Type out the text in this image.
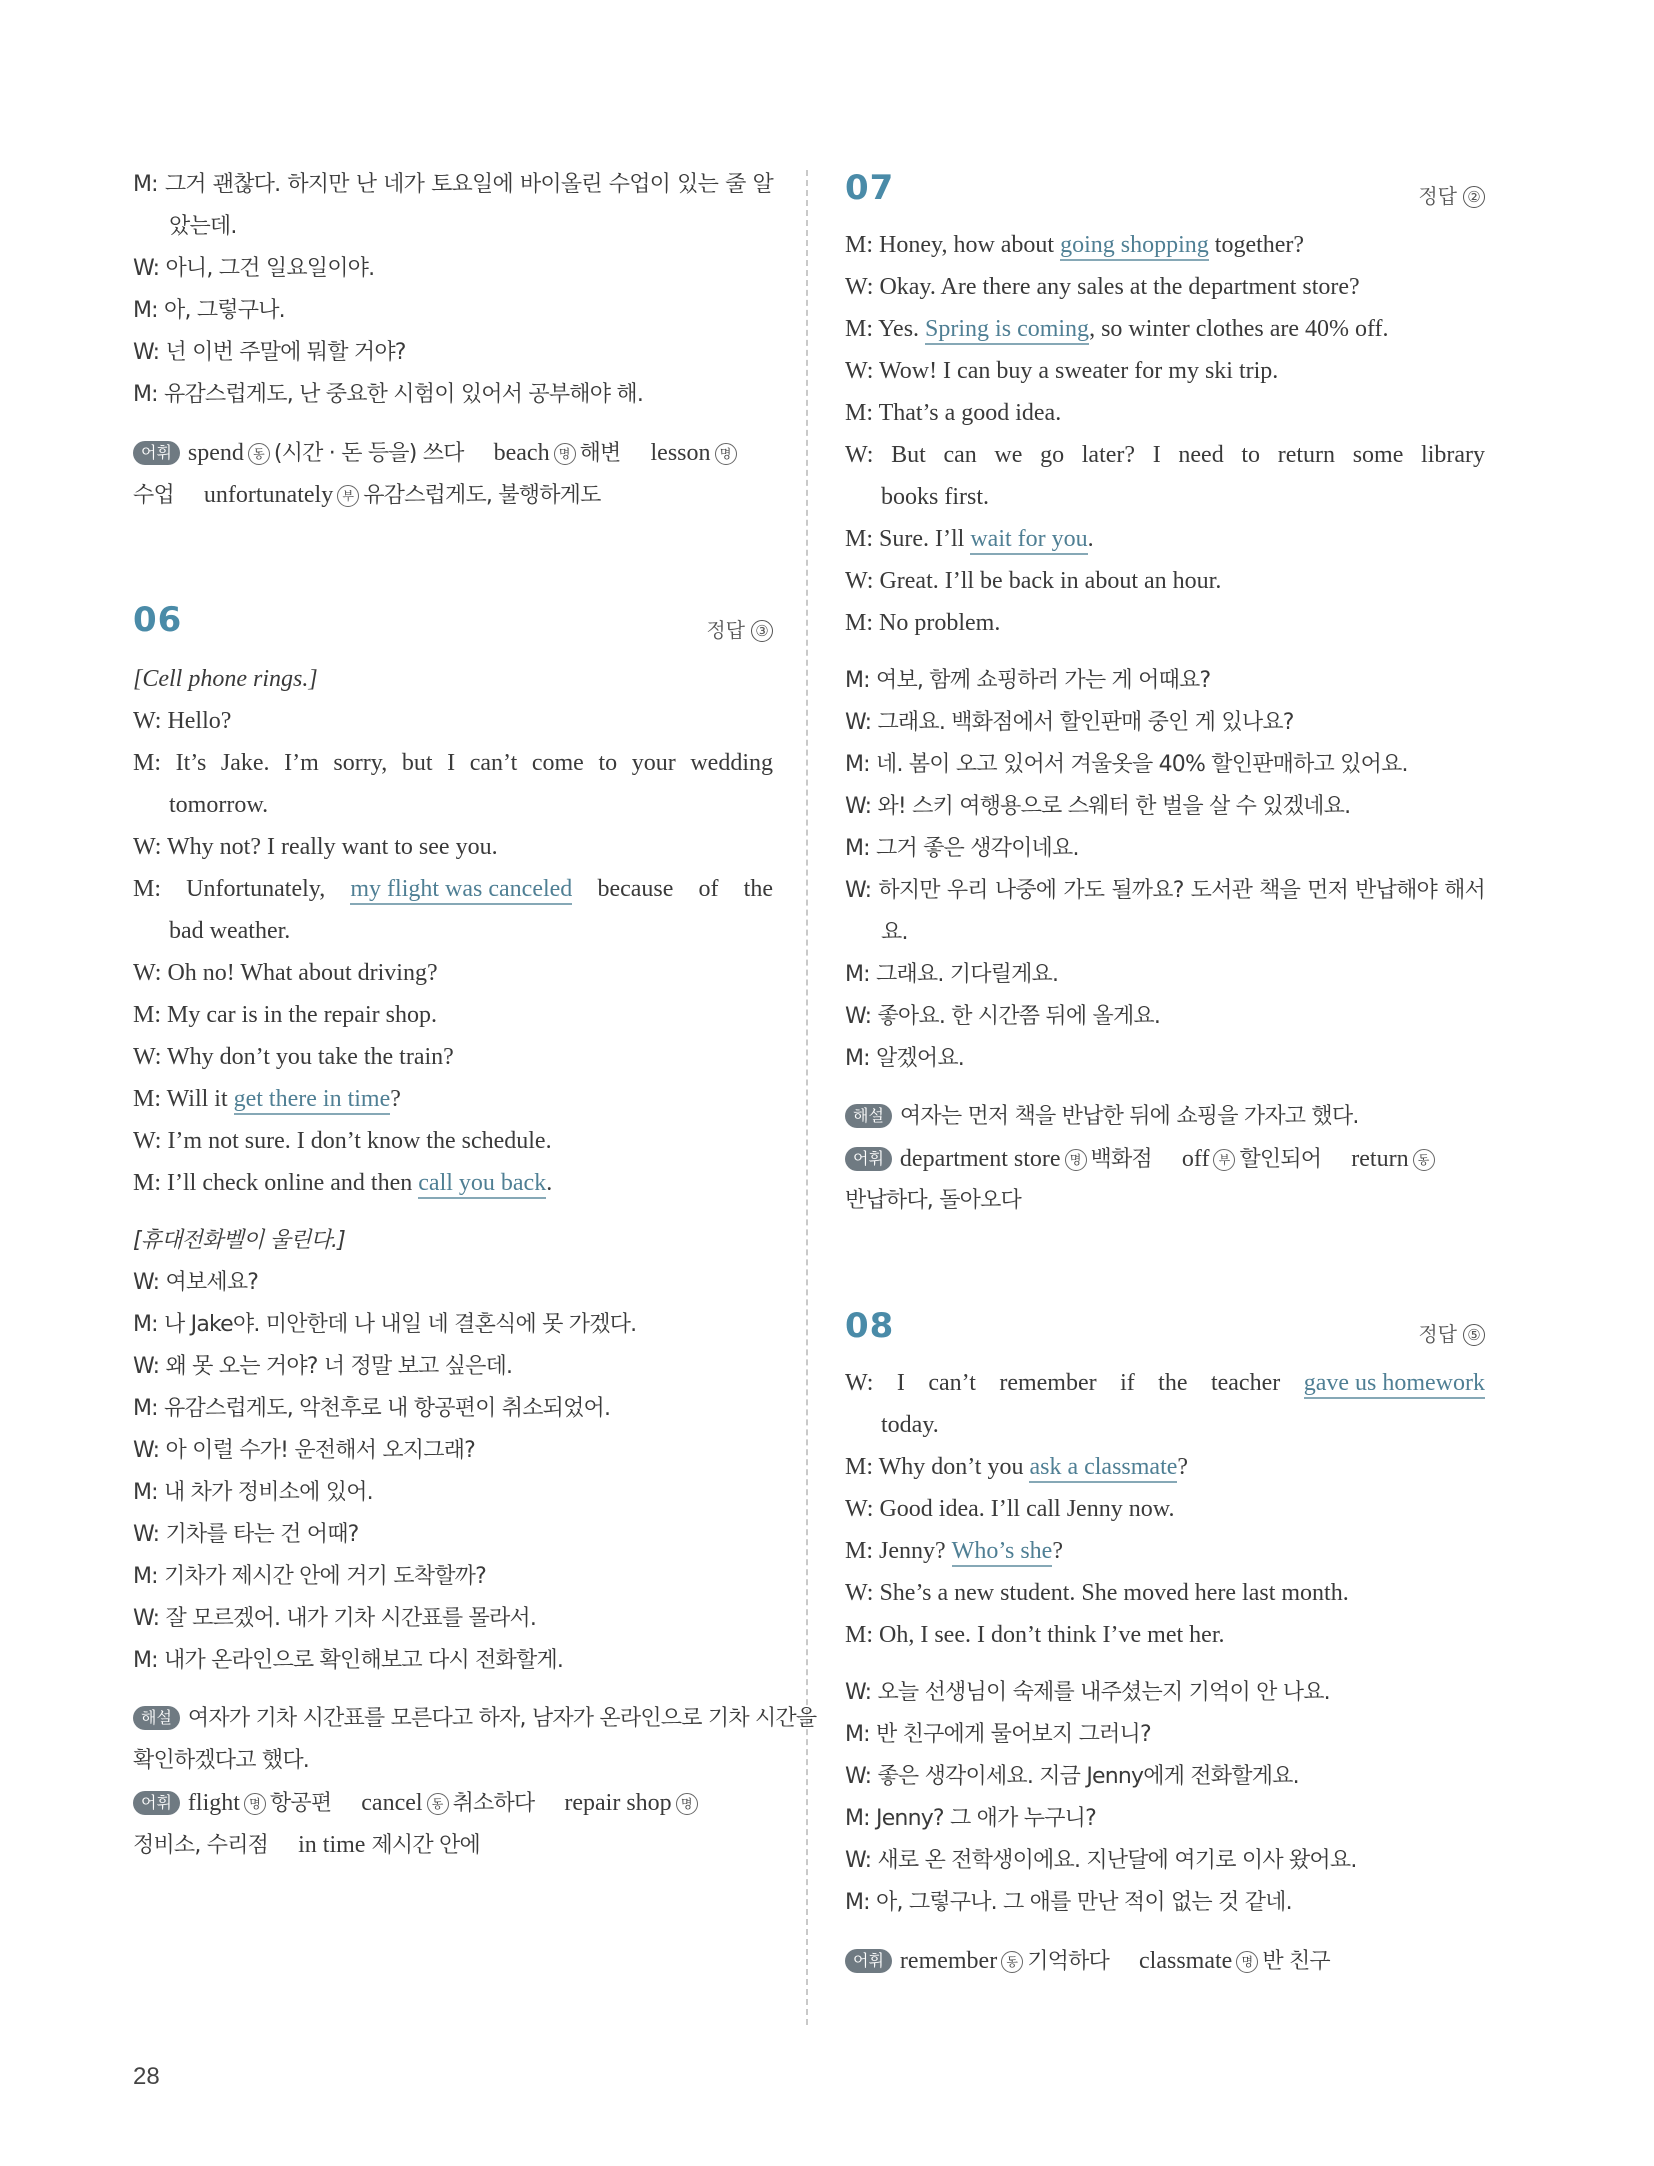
M: 그거 괜찮다. 하지만 난 네가 토요일에 바이올린 수업이 있는 줄 알
았는데.
W: 아니, 그건 일요일이야.
M: 아, 그렇구나.
W: 넌 이번 주말에 뭐할 거야?
M: 유감스럽게도, 난 중요한 시험이 있어서 공부해야 해.
어휘 spend 동 (시간 · 돈 등을) 쓰다 beach 명 해변 lesson 명
수업 unfortunately 부 유감스럽게도, 불행하게도
06	정답 ③
[Cell phone rings.]
W: Hello?
M: It’s Jake. I’m sorry, but I can’t come to your wedding
tomorrow.
W: Why not? I really want to see you.
M: Unfortunately, my flight was canceled because of the
bad weather.
W: Oh no! What about driving?
M: My car is in the repair shop.
W: Why don’t you take the train?
M: Will it get there in time?
W: I’m not sure. I don’t know the schedule.
M: I’ll check online and then call you back.
[휴대전화벨이 울린다.]
W: 여보세요?
M: 나 Jake야. 미안한데 나 내일 네 결혼식에 못 가겠다.
W: 왜 못 오는 거야? 너 정말 보고 싶은데.
M: 유감스럽게도, 악천후로 내 항공편이 취소되었어.
W: 아 이럴 수가! 운전해서 오지그래?
M: 내 차가 정비소에 있어.
W: 기차를 타는 건 어때?
M: 기차가 제시간 안에 거기 도착할까?
W: 잘 모르겠어. 내가 기차 시간표를 몰라서.
M: 내가 온라인으로 확인해보고 다시 전화할게.
해설 여자가 기차 시간표를 모른다고 하자, 남자가 온라인으로 기차 시간을
확인하겠다고 했다.
어휘 flight 명 항공편 cancel 동 취소하다 repair shop 명
정비소, 수리점 in time 제시간 안에
07	정답 ②
M: Honey, how about going shopping together?
W: Okay. Are there any sales at the department store?
M: Yes. Spring is coming, so winter clothes are 40% off.
W: Wow! I can buy a sweater for my ski trip.
M: That’s a good idea.
W: But can we go later? I need to return some library
books first.
M: Sure. I’ll wait for you.
W: Great. I’ll be back in about an hour.
M: No problem.
M: 여보, 함께 쇼핑하러 가는 게 어때요?
W: 그래요. 백화점에서 할인판매 중인 게 있나요?
M: 네. 봄이 오고 있어서 겨울옷을 40% 할인판매하고 있어요.
W: 와! 스키 여행용으로 스웨터 한 벌을 살 수 있겠네요.
M: 그거 좋은 생각이네요.
W: 하지만 우리 나중에 가도 될까요? 도서관 책을 먼저 반납해야 해서
요.
M: 그래요. 기다릴게요.
W: 좋아요. 한 시간쯤 뒤에 올게요.
M: 알겠어요.
해설 여자는 먼저 책을 반납한 뒤에 쇼핑을 가자고 했다.
어휘 department store 명 백화점 off 부 할인되어 return 동
반납하다, 돌아오다
08	정답 ⑤
W: I can’t remember if the teacher gave us homework
today.
M: Why don’t you ask a classmate?
W: Good idea. I’ll call Jenny now.
M: Jenny? Who’s she?
W: She’s a new student. She moved here last month.
M: Oh, I see. I don’t think I’ve met her.
W: 오늘 선생님이 숙제를 내주셨는지 기억이 안 나요.
M: 반 친구에게 물어보지 그러니?
W: 좋은 생각이세요. 지금 Jenny에게 전화할게요.
M: Jenny? 그 애가 누구니?
W: 새로 온 전학생이에요. 지난달에 여기로 이사 왔어요.
M: 아, 그렇구나. 그 애를 만난 적이 없는 것 같네.
어휘 remember 동 기억하다 classmate 명 반 친구
28
